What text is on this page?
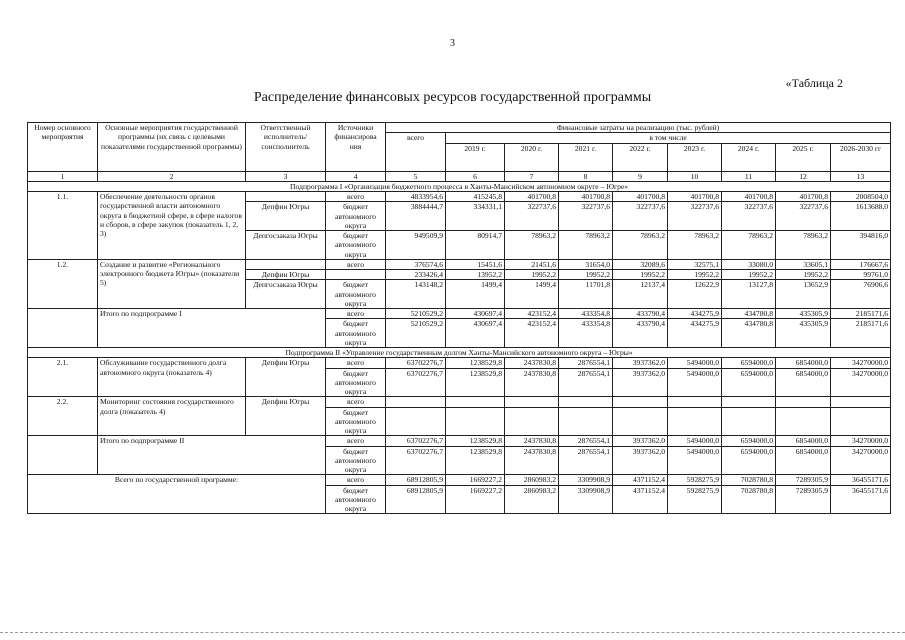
3
«Таблица 2
Распределение финансовых ресурсов государственной программы
Номер основного мероприятия	Основные мероприятия государственной программы (их связь с целевыми показателями государственной программы)	Ответственный исполнитель/ соисполнитель	Источники финансирова ния	Финансовые затраты на реализацию (тыс. рублей)								
				всего	в том числе							
					2019 г.	2020 г.	2021 г.	2022 г.	2023 г.	2024 г.	2025 г.	2026-2030 гг
1	2	3	4	5	6	7	8	9	10	11	12	13
Подпрограмма I «Организация бюджетного процесса в Ханты-Мансийском автономном округе – Югре»												
1.1.	Обеспечение деятельности органов государственной власти автономного округа в бюджетной сфере, в сфере налогов и сборов, в сфере закупок (показатель 1, 2, 3)		всего	4833954,6	415245,8	401700,8	401700,8	401700,8	401700,8	401700,8	401700,8	2008504,0
		Депфин Югры	бюджет автономного округа	3884444,7	334331,1	322737,6	322737,6	322737,6	322737,6	322737,6	322737,6	1613688,0
		Депгосзаказа Югры	бюджет автономного округа	949509,9	80914,7	78963,2	78963,2	78963,2	78963,2	78963,2	78963,2	394816,0
1.2.	Создание и развитие «Регионального электронного бюджета Югры» (показатели 5)		всего	376574,6	15451,6	21451,6	31654,0	32089,6	32575,1	33080,0	33605,1	176667,6
		Депфин Югры		233426,4	13952,2	19952,2	19952,2	19952,2	19952,2	19952,2	19952,2	99761,0
		Депгосзаказа Югры	бюджет автономного округа	143148,2	1499,4	1499,4	11701,8	12137,4	12622,9	13127,8	13652,9	76906,6
	Итого по подпрограмме I		всего	5210529,2	430697,4	423152,4	433354,8	433790,4	434275,9	434780,8	435305,9	2185171,6
			бюджет автономного округа	5210529,2	430697,4	423152,4	433354,8	433790,4	434275,9	434780,8	435305,9	2185171,6
Подпрограмма II «Управление государственным долгом Ханты-Мансийского автономного округа – Югры»												
2.1.	Обслуживание государственного долга автономного округа (показатель 4)	Депфин Югры	всего	63702276,7	1238529,8	2437830,8	2876554,1	3937362,0	5494000,0	6594000,0	6854000,0	34270000,0
			бюджет автономного округа	63702276,7	1238529,8	2437830,8	2876554,1	3937362,0	5494000,0	6594000,0	6854000,0	34270000,0
2.2.	Мониторинг состояния государственного долга (показатель 4)	Депфин Югры	всего									
			бюджет автономного округа									
	Итого по подпрограмме II		всего	63702276,7	1238529,8	2437830,8	2876554,1	3937362,0	5494000,0	6594000,0	6854000,0	34270000,0
			бюджет автономного округа	63702276,7	1238529,8	2437830,8	2876554,1	3937362,0	5494000,0	6594000,0	6854000,0	34270000,0
Всего по государственной программе:			всего	68912805,9	1669227,2	2860983,2	3309908,9	4371152,4	5928275,9	7028780,8	7289305,9	36455171,6
			бюджет автономного округа	68912805,9	1669227,2	2860983,2	3309908,9	4371152,4	5928275,9	7028780,8	7289305,9	36455171,6
